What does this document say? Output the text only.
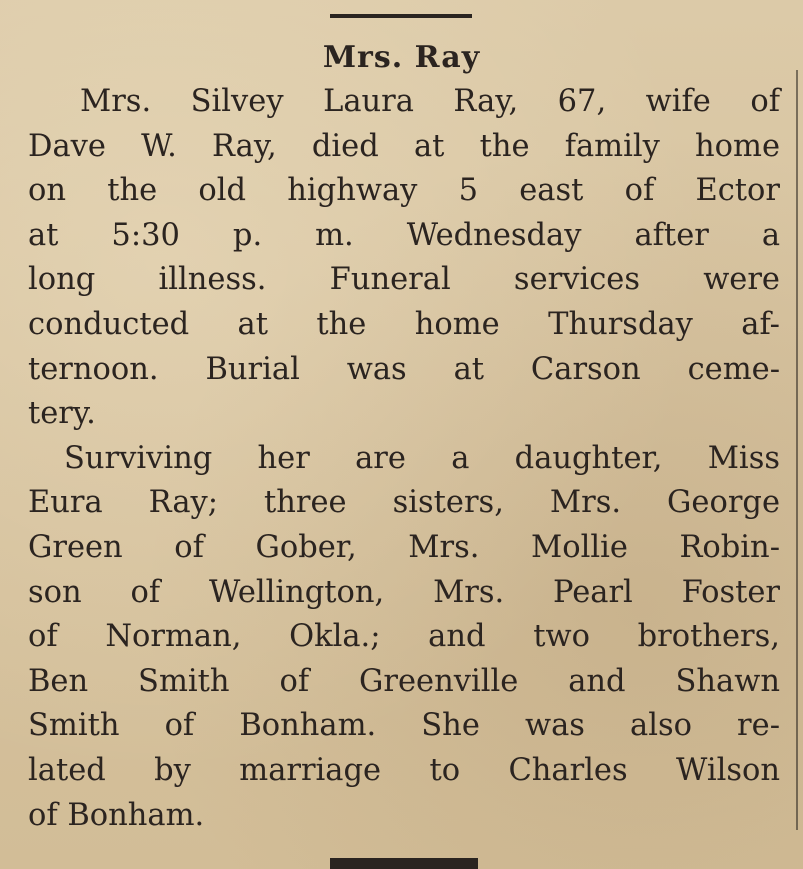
Mrs. Ray
Mrs. Silvey Laura Ray, 67, wife of
Dave W. Ray, died at the family home
on the old highway 5 east of Ector
at 5:30 p. m. Wednesday after a
long illness. Funeral services were
conducted at the home Thursday af-
ternoon. Burial was at Carson ceme-
tery.
Surviving her are a daughter, Miss
Eura Ray; three sisters, Mrs. George
Green of Gober, Mrs. Mollie Robin-
son of Wellington, Mrs. Pearl Foster
of Norman, Okla.; and two brothers,
Ben Smith of Greenville and Shawn
Smith of Bonham. She was also re-
lated by marriage to Charles Wilson
of Bonham.
